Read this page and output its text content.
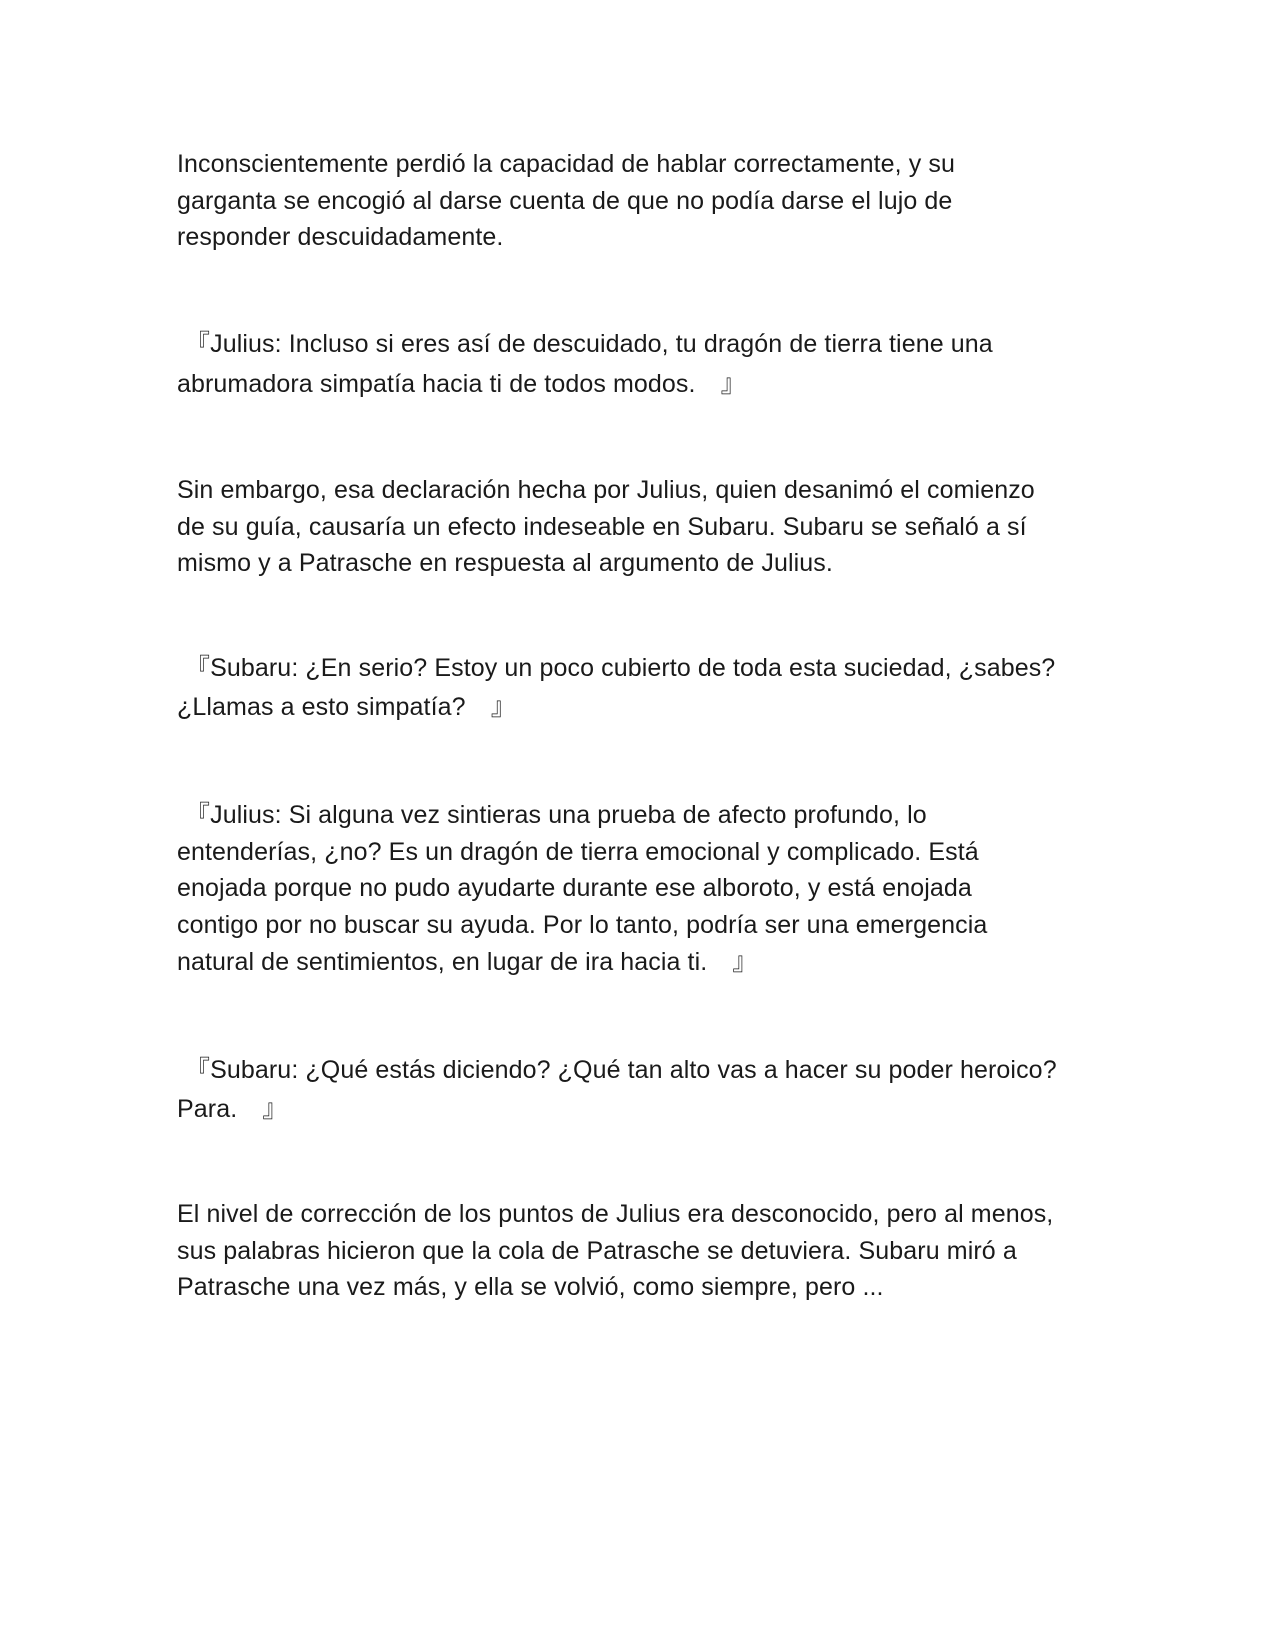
Inconscientemente perdió la capacidad de hablar correctamente, y su
garganta se encogió al darse cuenta de que no podía darse el lujo de
responder descuidadamente.
『Julius: Incluso si eres así de descuidado, tu dragón de tierra tiene una
abrumadora simpatía hacia ti de todos modos.　』
Sin embargo, esa declaración hecha por Julius, quien desanimó el comienzo
de su guía, causaría un efecto indeseable en Subaru. Subaru se señaló a sí
mismo y a Patrasche en respuesta al argumento de Julius.
『Subaru: ¿En serio? Estoy un poco cubierto de toda esta suciedad, ¿sabes?
¿Llamas a esto simpatía?　』
『Julius: Si alguna vez sintieras una prueba de afecto profundo, lo
entenderías, ¿no? Es un dragón de tierra emocional y complicado. Está
enojada porque no pudo ayudarte durante ese alboroto, y está enojada
contigo por no buscar su ayuda. Por lo tanto, podría ser una emergencia
natural de sentimientos, en lugar de ira hacia ti.　』
『Subaru: ¿Qué estás diciendo? ¿Qué tan alto vas a hacer su poder heroico?
Para.　』
El nivel de corrección de los puntos de Julius era desconocido, pero al menos,
sus palabras hicieron que la cola de Patrasche se detuviera. Subaru miró a
Patrasche una vez más, y ella se volvió, como siempre, pero ...
